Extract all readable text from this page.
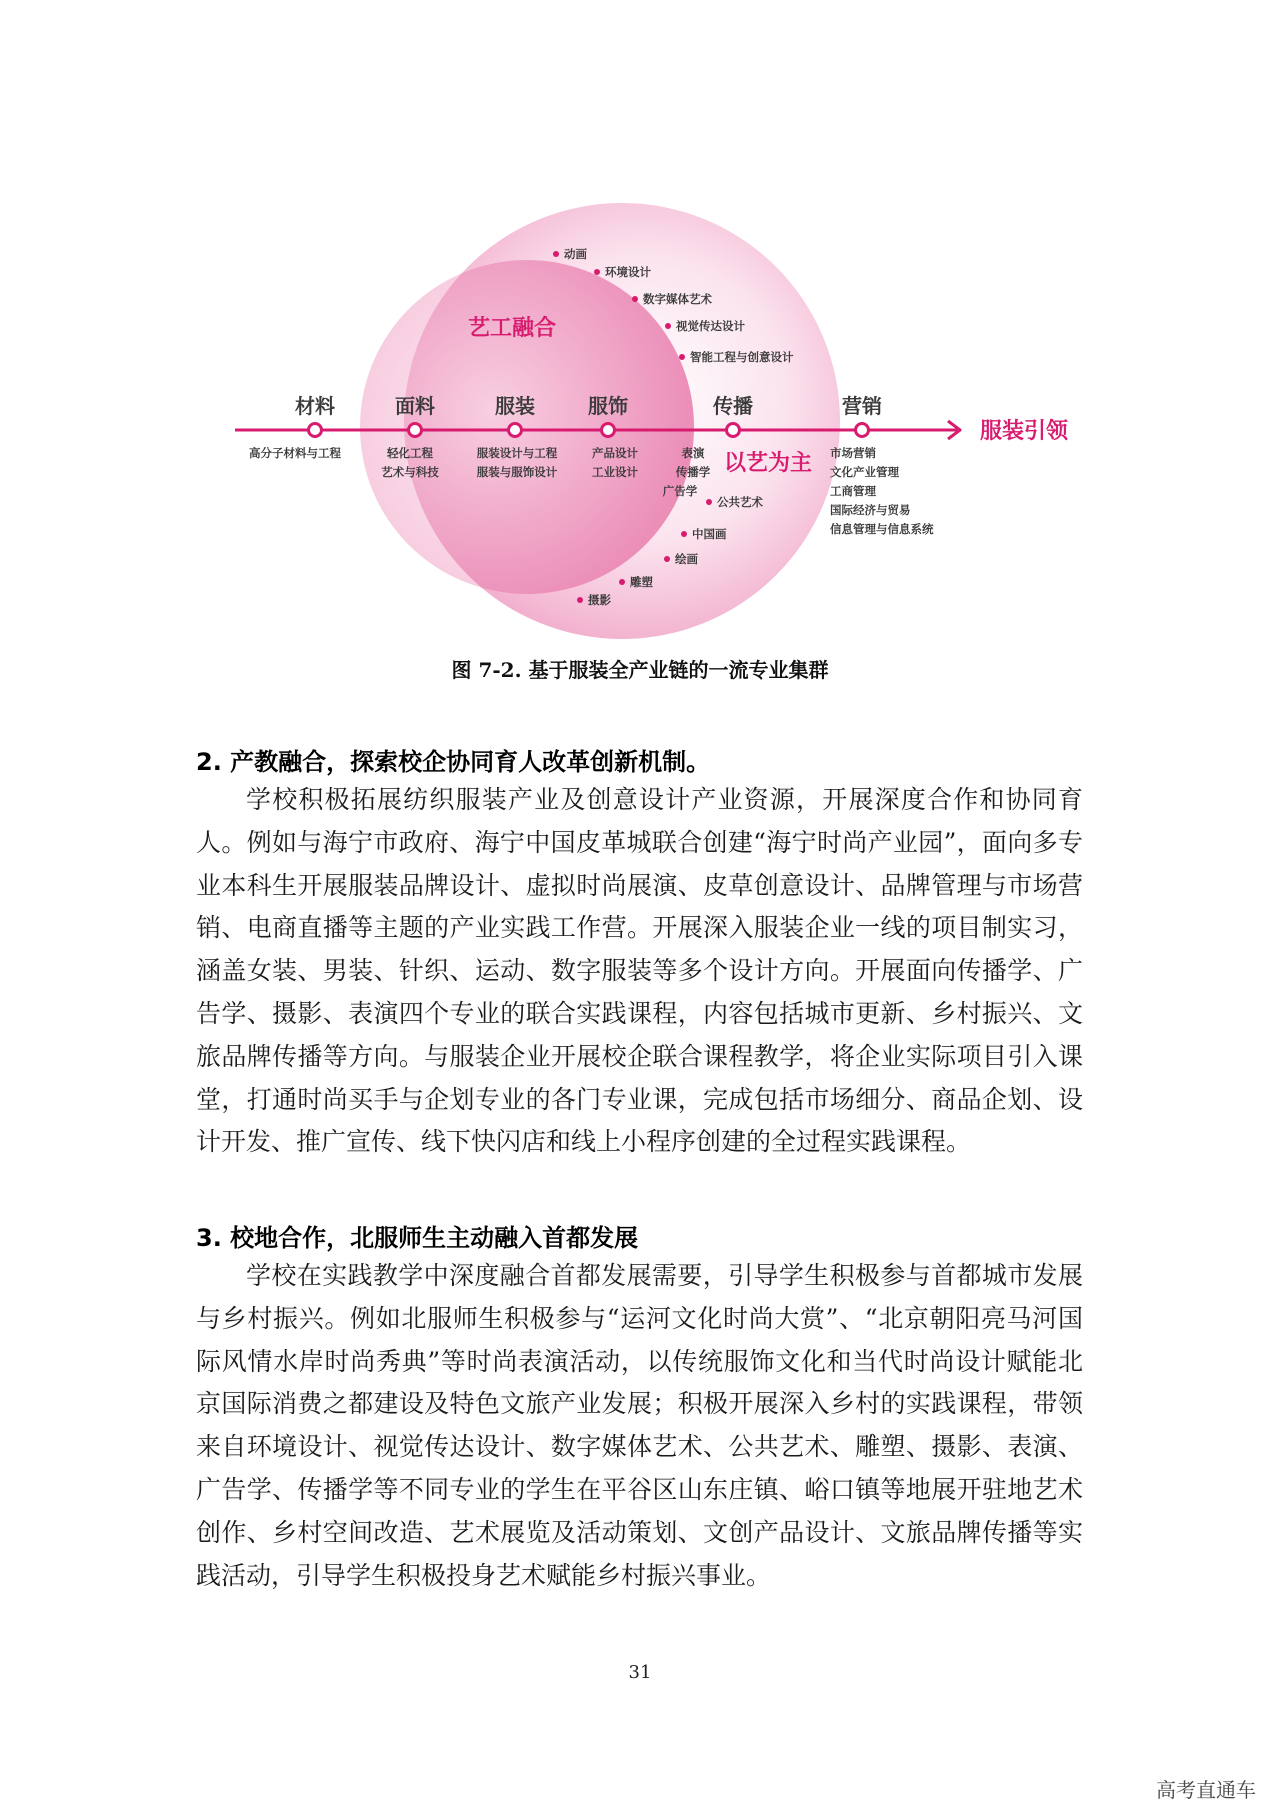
艺工融合
以艺为主
服装引领
材料
高分子材料与工程
面料
轻化工程
艺术与科技
服装
服装设计与工程
服装与服饰设计
服饰
产品设计
工业设计
传播
表演
传播学
广告学
营销
市场营销
文化产业管理
工商管理
国际经济与贸易
信息管理与信息系统
动画
环境设计
数字媒体艺术
视觉传达设计
智能工程与创意设计
公共艺术
中国画
绘画
雕塑
摄影
图 7-2. 基于服装全产业链的一流专业集群
2. 产教融合，探索校企协同育人改革创新机制。

学校积极拓展纺织服装产业及创意设计产业资源，开展深度合作和协同育人。例如与海宁市政府、海宁中国皮革城联合创建“海宁时尚产业园”，面向多专业本科生开展服装品牌设计、虚拟时尚展演、皮草创意设计、品牌管理与市场营销、电商直播等主题的产业实践工作营。开展深入服装企业一线的项目制实习，涵盖女装、男装、针织、运动、数字服装等多个设计方向。开展面向传播学、广告学、摄影、表演四个专业的联合实践课程，内容包括城市更新、乡村振兴、文旅品牌传播等方向。与服装企业开展校企联合课程教学，将企业实际项目引入课堂，打通时尚买手与企划专业的各门专业课，完成包括市场细分、商品企划、设计开发、推广宣传、线下快闪店和线上小程序创建的全过程实践课程。

3. 校地合作，北服师生主动融入首都发展

学校在实践教学中深度融合首都发展需要，引导学生积极参与首都城市发展与乡村振兴。例如北服师生积极参与“运河文化时尚大赏”、“北京朝阳亮马河国际风情水岸时尚秀典”等时尚表演活动，以传统服饰文化和当代时尚设计赋能北京国际消费之都建设及特色文旅产业发展；积极开展深入乡村的实践课程，带领来自环境设计、视觉传达设计、数字媒体艺术、公共艺术、雕塑、摄影、表演、广告学、传播学等不同专业的学生在平谷区山东庄镇、峪口镇等地展开驻地艺术创作、乡村空间改造、艺术展览及活动策划、文创产品设计、文旅品牌传播等实践活动，引导学生积极投身艺术赋能乡村振兴事业。

31
高考直通车
